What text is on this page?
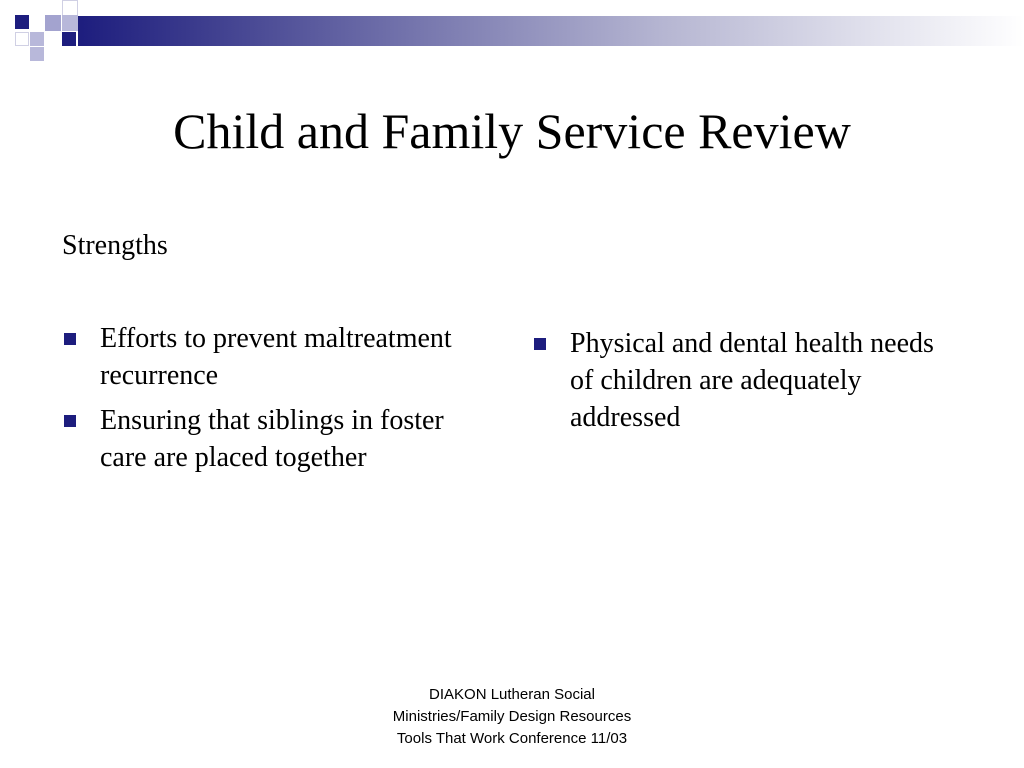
Child and Family Service Review
Strengths
Efforts to prevent maltreatment recurrence
Ensuring that siblings in foster care are placed together
Physical and dental health needs of children are adequately addressed
DIAKON Lutheran Social
Ministries/Family Design Resources
Tools That Work Conference 11/03
